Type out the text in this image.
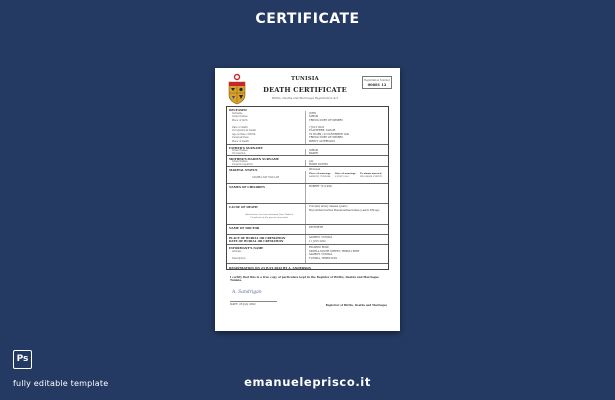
CERTIFICATE
TUNISIA
DEATH CERTIFICATE
Births, Deaths and Marriages Registration Act
Registration Number
00681 12
DECEASED
Surname	JOHN
Given Names	GIRGIS
Place of birth	TRIPOLI PORT OF OBSERV.
Date of death	7 JULY 2022
Occupation at Death	PLASTERER, TAILOR
Age at Date of Birth	79 YEARS / 23 NOVEMBER 1941
Usual address	TRIPOLI PORT OF OBSERV.
Place of Death	MERCY ALTERNANS
FATHER'S SURNAME
Given Names	GIRGIS
Occupation	BAKER
MOTHER'S MAIDEN SURNAME
Given Names	ALI
Usual Occupation	HOME DUTIES
MARITAL STATUS	Widowed
Place of marriage Date of marriage To whom married
SAMEDY, TUNISIA 8 JULY 1960	WILLIAMS CURETI
SAMIRA DAY MULLAH
NAMES OF CHILDREN	ROBERT 70 (1992)
CAUSE OF DEATH	Coronary artery disease (years)
Myocardial Scarred Pneumonitisectomise (years) 3/M ago
Informations has been obtained from Medical Certificate of the person concerned
NAME OF DOCTOR	DR EMETH
PLACE OF BURIAL OR CREMATION	SAMEDY, TUNISIA
DATE OF BURIAL OR CREMATION	11 JULY 2022
INFORMANT'S NAME	RICARDO ROSE
Address	SPORLA SOUTH STREET, TRIPOLI PORT
SAMEDY, TUNISIA
Description	TUNISIA, TRIPOLITAN
REGISTRATION ON 23 JULY 2022 BY A. ANDERSON
I certify that this is a true copy of particulars kept in the Register of Births, Deaths and Marriages Tunisia.
A. Sandrigan
DATE: 23 July 2022	Registrar of Births, Deaths and Marriages
Ps
fully editable template	emanueleprisco.it
